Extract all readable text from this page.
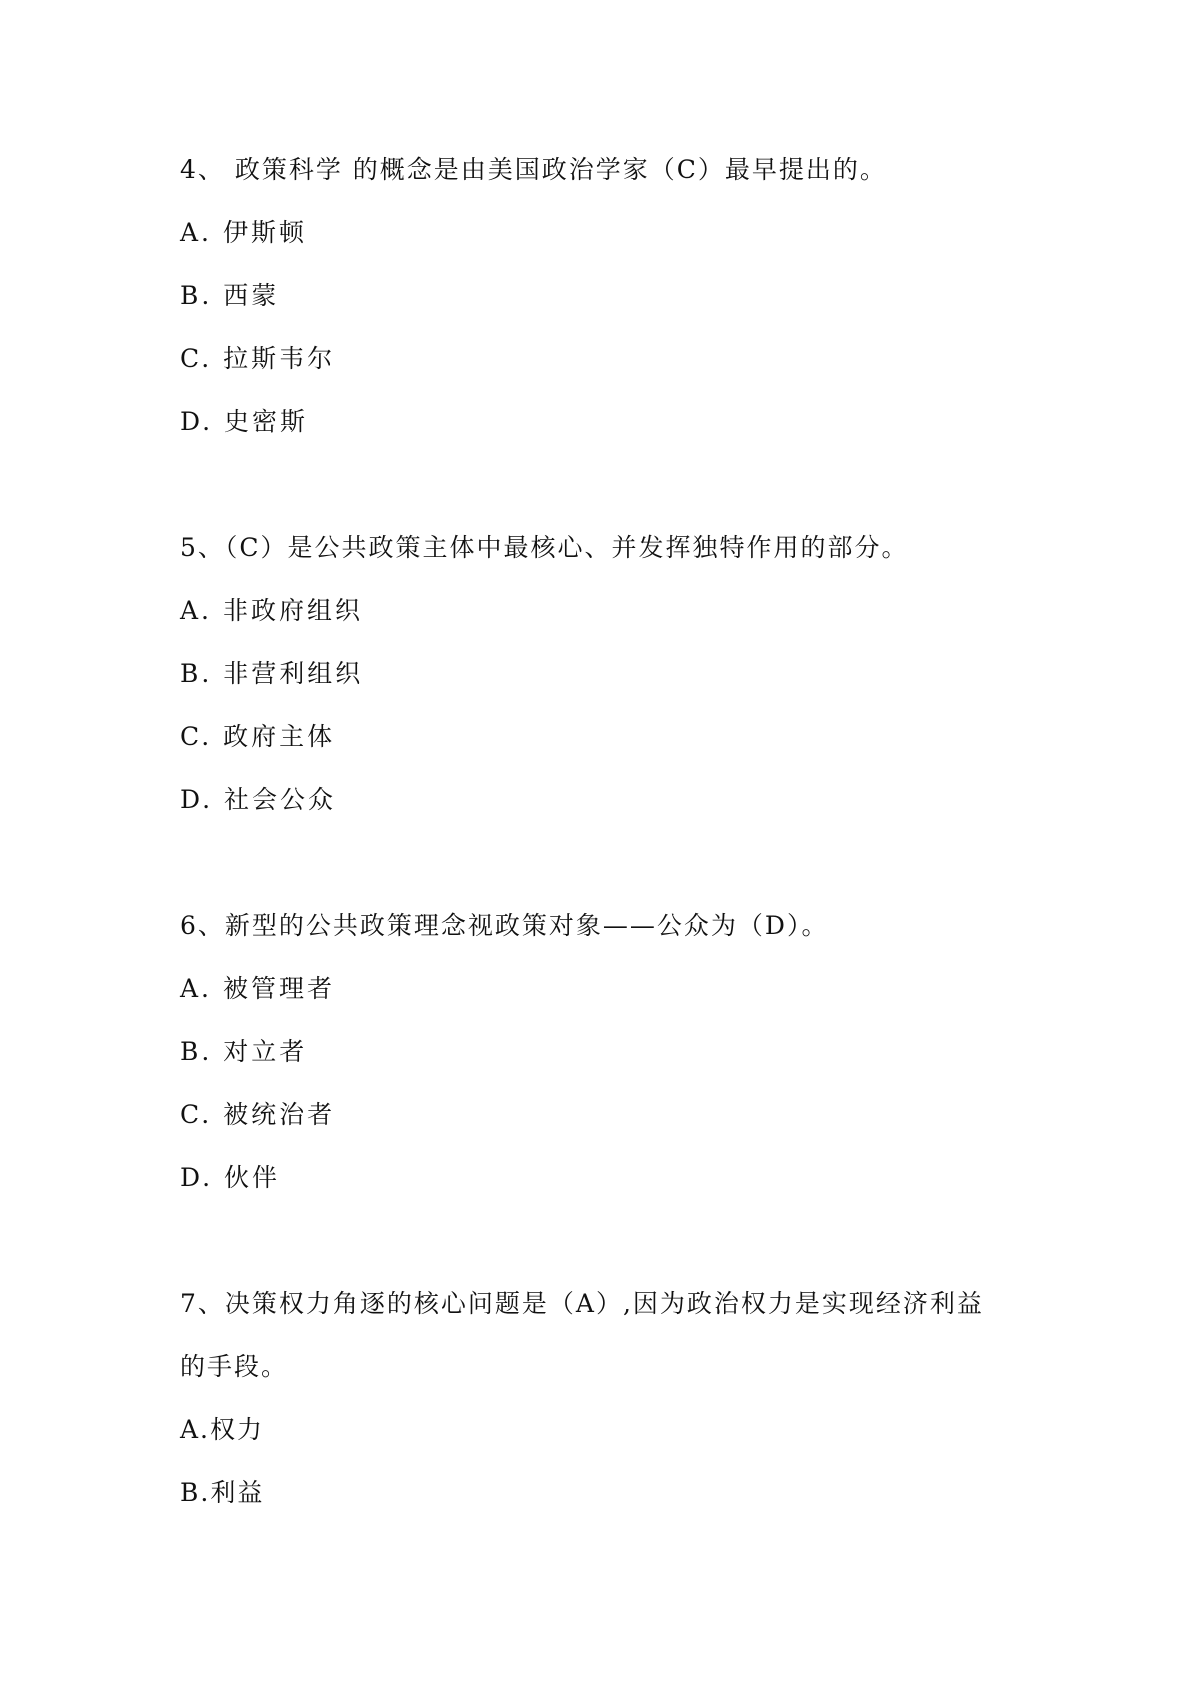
4、 政策科学 的概念是由美国政治学家（C）最早提出的。
A. 伊斯顿
B. 西蒙
C. 拉斯韦尔
D. 史密斯
5、（C）是公共政策主体中最核心、并发挥独特作用的部分。
A. 非政府组织
B. 非营利组织
C. 政府主体
D. 社会公众
6、新型的公共政策理念视政策对象——公众为（D）。
A. 被管理者
B. 对立者
C. 被统治者
D. 伙伴
7、决策权力角逐的核心问题是（A）,因为政治权力是实现经济利益
的手段。
A.权力
B.利益
